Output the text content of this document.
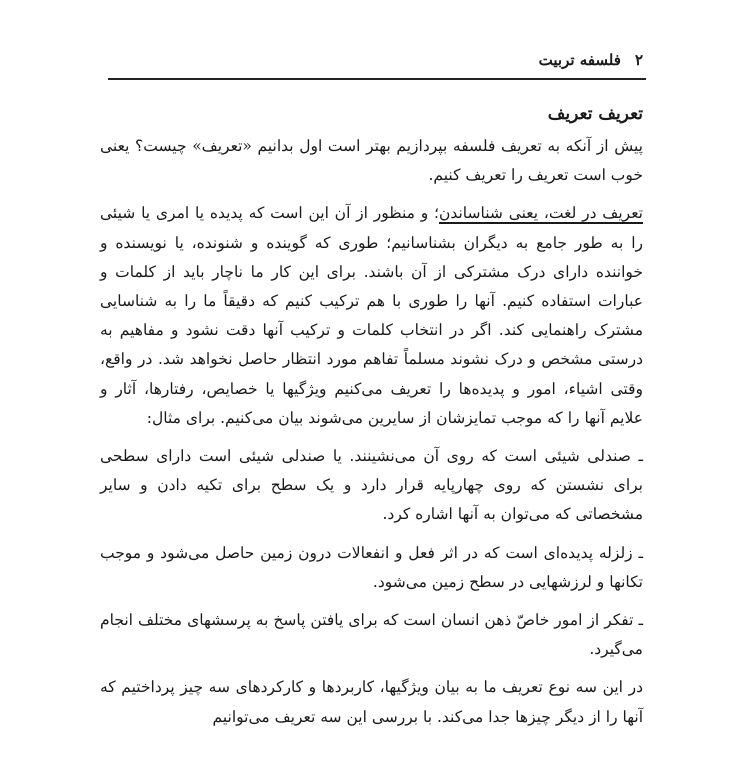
۲
فلسفه تربیت
تعریف تعریف

پیش از آنکه به تعریف فلسفه بپردازیم بهتر است اول بدانیم «تعریف» چیست؟ یعنی خوب است تعریف را تعریف کنیم.

تعریف در لغت، یعنی شناساندن؛ و منظور از آن این است که پدیده یا امری یا شیئی را به طور جامع به دیگران بشناسانیم؛ طوری که گوینده و شنونده، یا نویسنده و خواننده دارای درک مشترکی از آن باشند. برای این کار ما ناچار باید از کلمات و عبارات استفاده کنیم. آنها را طوری با هم ترکیب کنیم که دقیقاً ما را به شناسایی مشترک راهنمایی کند. اگر در انتخاب کلمات و ترکیب آنها دقت نشود و مفاهیم به درستی مشخص و درک نشوند مسلماً تفاهم مورد انتظار حاصل نخواهد شد. در واقع، وقتی اشیاء، امور و پدیده‌ها را تعریف می‌کنیم ویژگیها یا خصایص، رفتارها، آثار و علایم آنها را که موجب تمایزشان از سایرین می‌شوند بیان می‌کنیم. برای مثال:

ـ صندلی شیئی است که روی آن می‌نشینند. یا صندلی شیئی است دارای سطحی برای نشستن که روی چهارپایه قرار دارد و یک سطح برای تکیه دادن و سایر مشخصاتی که می‌توان به آنها اشاره کرد.

ـ زلزله پدیده‌ای است که در اثر فعل و انفعالات درون زمین حاصل می‌شود و موجب تکانها و لرزشهایی در سطح زمین می‌شود.

ـ تفکر از امور خاصّ ذهن انسان است که برای یافتن پاسخ به پرسشهای مختلف انجام می‌گیرد.

در این سه نوع تعریف ما به بیان ویژگیها، کاربردها و کارکردهای سه چیز پرداختیم که آنها را از دیگر چیزها جدا می‌کند. با بررسی این سه تعریف می‌توانیم
